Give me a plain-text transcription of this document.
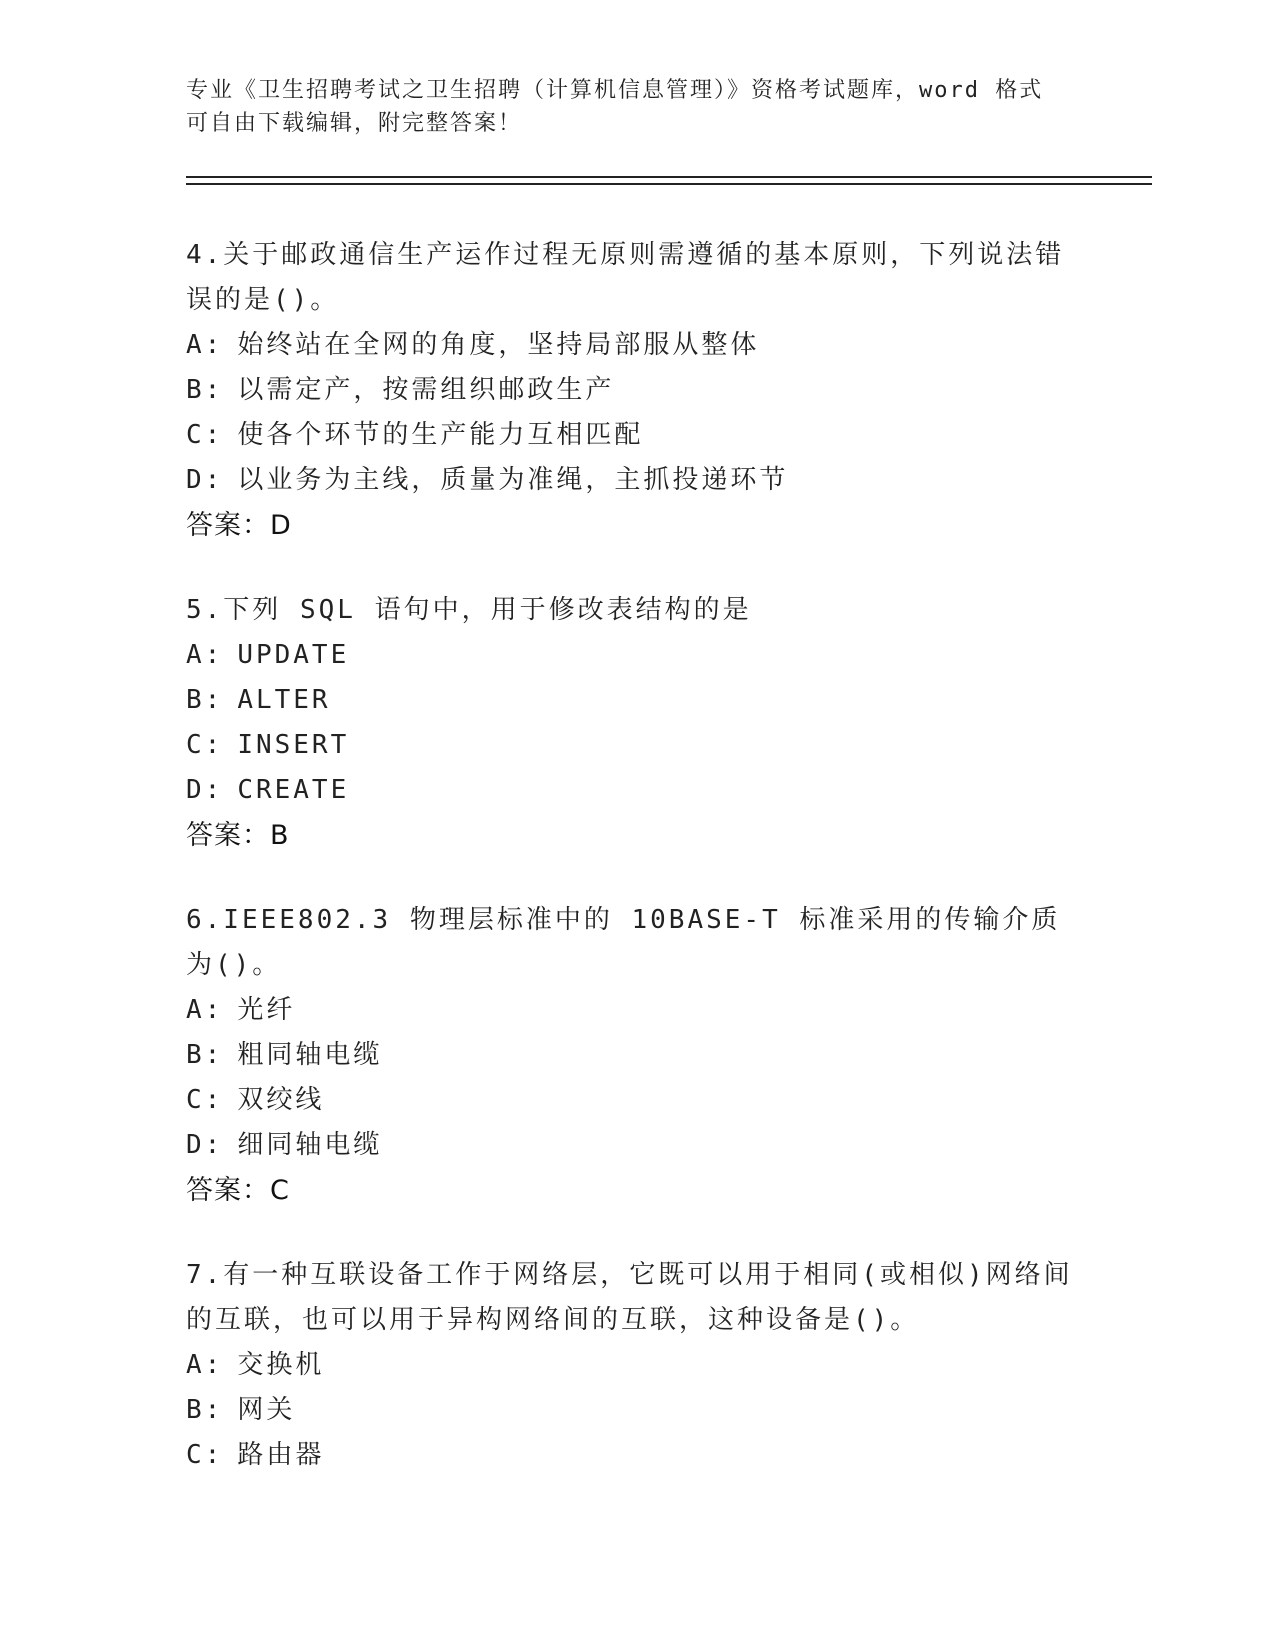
专业《卫生招聘考试之卫生招聘（计算机信息管理）》资格考试题库，word 格式
可自由下载编辑，附完整答案！
4.关于邮政通信生产运作过程无原则需遵循的基本原则，下列说法错
误的是()。
A : 始终站在全网的角度，坚持局部服从整体
B : 以需定产，按需组织邮政生产
C : 使各个环节的生产能力互相匹配
D : 以业务为主线，质量为准绳，主抓投递环节
答案：D
5.下列 SQL 语句中，用于修改表结构的是
A : UPDATE
B : ALTER
C : INSERT
D : CREATE
答案：B
6.IEEE802.3 物理层标准中的 10BASE-T 标准采用的传输介质为()。
A : 光纤
B : 粗同轴电缆
C : 双绞线
D : 细同轴电缆
答案：C
7.有一种互联设备工作于网络层，它既可以用于相同(或相似)网络间
的互联，也可以用于异构网络间的互联，这种设备是()。
A : 交换机
B : 网关
C : 路由器
